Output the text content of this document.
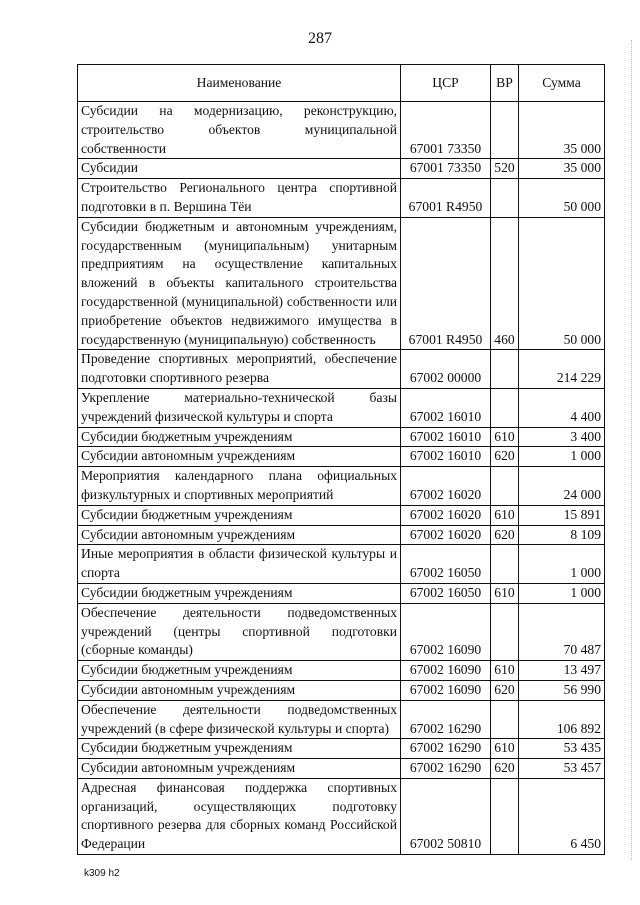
287
Наименование	ЦСР	ВР	Сумма
Субсидии на модернизацию, реконструкцию, строительство объектов муниципальной собственности	67001 73350		35 000
Субсидии	67001 73350	520	35 000
Строительство Регионального центра спортивной подготовки в п. Вершина Тёи	67001 R4950		50 000
Субсидии бюджетным и автономным учреждениям, государственным (муниципальным) унитарным предприятиям на осуществление капитальных вложений в объекты капитального строительства государственной (муниципальной) собственности или приобретение объектов недвижимого имущества в государственную (муниципальную) собственность	67001 R4950	460	50 000
Проведение спортивных мероприятий, обеспечение подготовки спортивного резерва	67002 00000		214 229
Укрепление материально-технической базы учреждений физической культуры и спорта	67002 16010		4 400
Субсидии бюджетным учреждениям	67002 16010	610	3 400
Субсидии автономным учреждениям	67002 16010	620	1 000
Мероприятия календарного плана официальных физкультурных и спортивных мероприятий	67002 16020		24 000
Субсидии бюджетным учреждениям	67002 16020	610	15 891
Субсидии автономным учреждениям	67002 16020	620	8 109
Иные мероприятия в области физической культуры и спорта	67002 16050		1 000
Субсидии бюджетным учреждениям	67002 16050	610	1 000
Обеспечение деятельности подведомственных учреждений (центры спортивной подготовки (сборные команды)	67002 16090		70 487
Субсидии бюджетным учреждениям	67002 16090	610	13 497
Субсидии автономным учреждениям	67002 16090	620	56 990
Обеспечение деятельности подведомственных учреждений (в сфере физической культуры и спорта)	67002 16290		106 892
Субсидии бюджетным учреждениям	67002 16290	610	53 435
Субсидии автономным учреждениям	67002 16290	620	53 457
Адресная финансовая поддержка спортивных организаций, осуществляющих подготовку спортивного резерва для сборных команд Российской Федерации	67002 50810		6 450
k309 h2
